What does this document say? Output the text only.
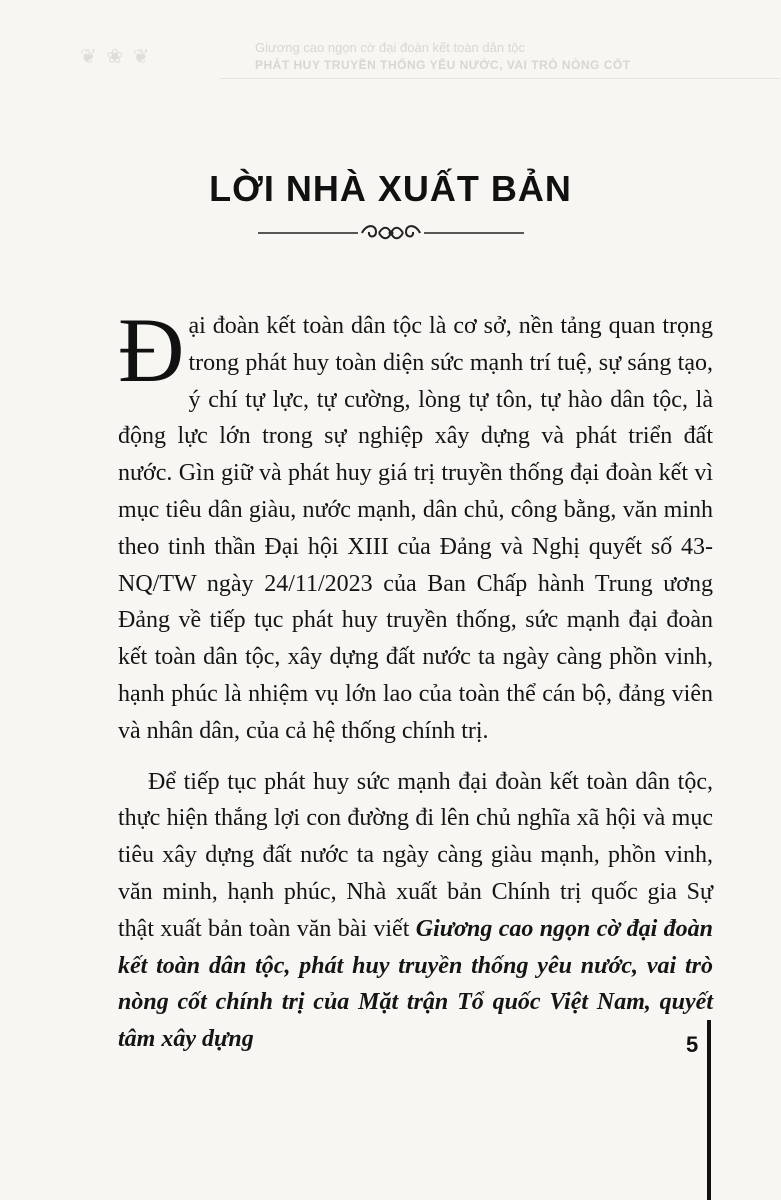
❦ ❀ ❦	Giương cao ngọn cờ đại đoàn kết toàn dân tộc
PHÁT HUY TRUYỀN THỐNG YÊU NƯỚC, VAI TRÒ NÒNG CỐT
LỜI NHÀ XUẤT BẢN

Đại đoàn kết toàn dân tộc là cơ sở, nền tảng quan trọng trong phát huy toàn diện sức mạnh trí tuệ, sự sáng tạo, ý chí tự lực, tự cường, lòng tự tôn, tự hào dân tộc, là động lực lớn trong sự nghiệp xây dựng và phát triển đất nước. Gìn giữ và phát huy giá trị truyền thống đại đoàn kết vì mục tiêu dân giàu, nước mạnh, dân chủ, công bằng, văn minh theo tinh thần Đại hội XIII của Đảng và Nghị quyết số 43-NQ/TW ngày 24/11/2023 của Ban Chấp hành Trung ương Đảng về tiếp tục phát huy truyền thống, sức mạnh đại đoàn kết toàn dân tộc, xây dựng đất nước ta ngày càng phồn vinh, hạnh phúc là nhiệm vụ lớn lao của toàn thể cán bộ, đảng viên và nhân dân, của cả hệ thống chính trị.

Để tiếp tục phát huy sức mạnh đại đoàn kết toàn dân tộc, thực hiện thắng lợi con đường đi lên chủ nghĩa xã hội và mục tiêu xây dựng đất nước ta ngày càng giàu mạnh, phồn vinh, văn minh, hạnh phúc, Nhà xuất bản Chính trị quốc gia Sự thật xuất bản toàn văn bài viết Giương cao ngọn cờ đại đoàn kết toàn dân tộc, phát huy truyền thống yêu nước, vai trò nòng cốt chính trị của Mặt trận Tổ quốc Việt Nam, quyết tâm xây dựng	5
